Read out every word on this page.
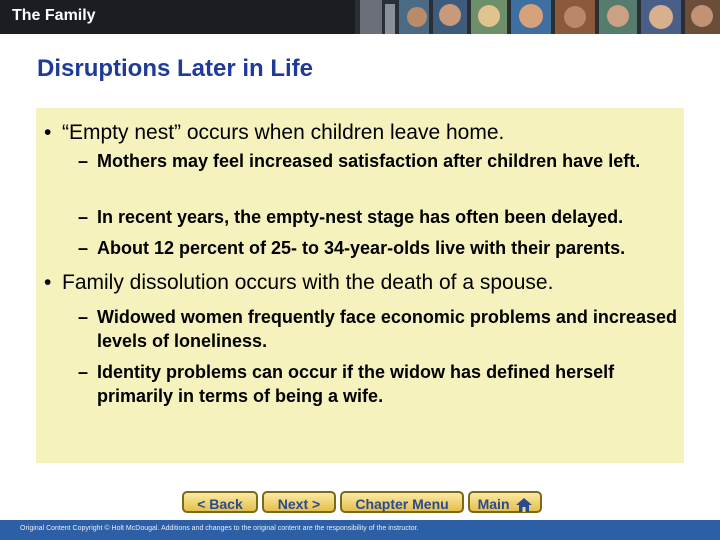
The Family
Disruptions Later in Life
• “Empty nest” occurs when children leave home.
– Mothers may feel increased satisfaction after children have left.
– In recent years, the empty-nest stage has often been delayed.
– About 12 percent of 25- to 34-year-olds live with their parents.
• Family dissolution occurs with the death of a spouse.
– Widowed women frequently face economic problems and increased levels of loneliness.
– Identity problems can occur if the widow has defined herself primarily in terms of being a wife.
< Back	Next >	Chapter Menu	Main
Original Content Copyright © Holt McDougal. Additions and changes to the original content are the responsibility of the instructor.
